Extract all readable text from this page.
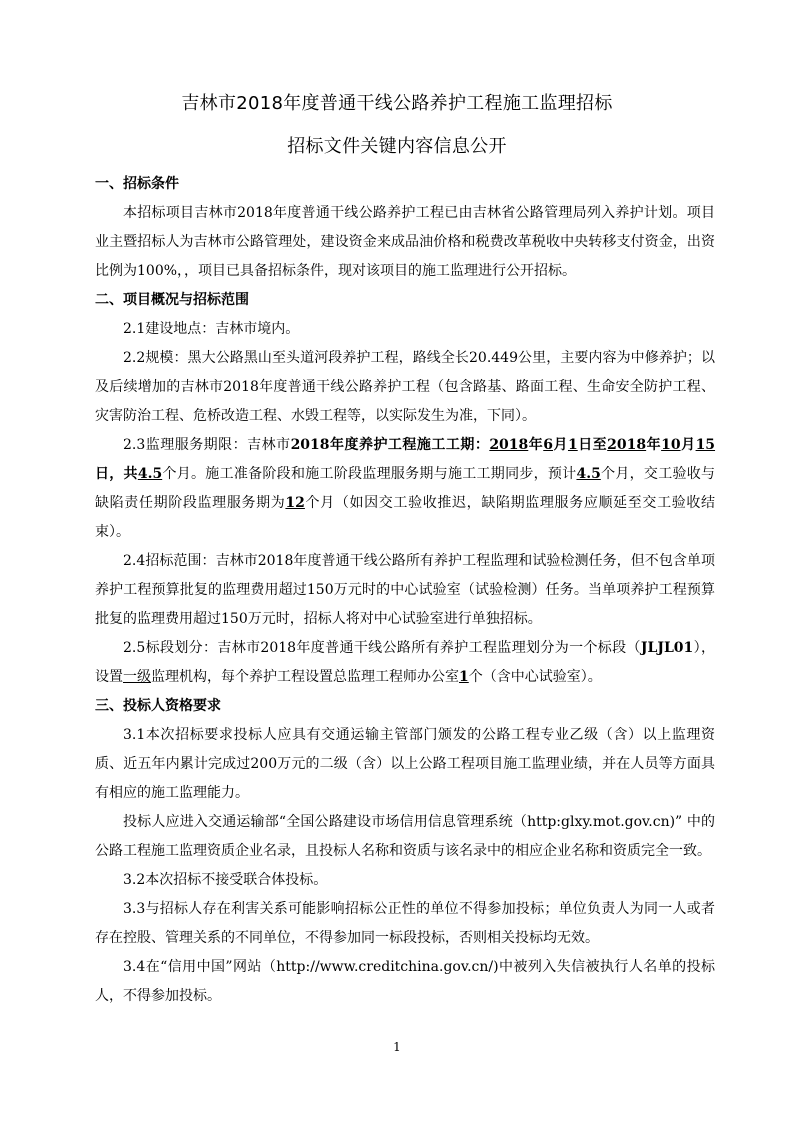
吉林市2018年度普通干线公路养护工程施工监理招标
招标文件关键内容信息公开

一、招标条件

本招标项目吉林市2018年度普通干线公路养护工程已由吉林省公路管理局列入养护计划。项目业主暨招标人为吉林市公路管理处，建设资金来成品油价格和税费改革税收中央转移支付资金，出资比例为100%，，项目已具备招标条件，现对该项目的施工监理进行公开招标。

二、项目概况与招标范围

2.1建设地点：吉林市境内。

2.2规模：黑大公路黑山至头道河段养护工程，路线全长20.449公里，主要内容为中修养护；以及后续增加的吉林市2018年度普通干线公路养护工程（包含路基、路面工程、生命安全防护工程、灾害防治工程、危桥改造工程、水毁工程等，以实际发生为准，下同）。

2.3监理服务期限：吉林市2018年度养护工程施工工期：2018年6月1日至2018年10月15日，共4.5个月。施工准备阶段和施工阶段监理服务期与施工工期同步，预计4.5个月，交工验收与缺陷责任期阶段监理服务期为12个月（如因交工验收推迟，缺陷期监理服务应顺延至交工验收结束）。

2.4招标范围：吉林市2018年度普通干线公路所有养护工程监理和试验检测任务，但不包含单项养护工程预算批复的监理费用超过150万元时的中心试验室（试验检测）任务。当单项养护工程预算批复的监理费用超过150万元时，招标人将对中心试验室进行单独招标。

2.5标段划分：吉林市2018年度普通干线公路所有养护工程监理划分为一个标段（JLJL01），设置一级监理机构，每个养护工程设置总监理工程师办公室1个（含中心试验室）。

三、投标人资格要求

3.1本次招标要求投标人应具有交通运输主管部门颁发的公路工程专业乙级（含）以上监理资质、近五年内累计完成过200万元的二级（含）以上公路工程项目施工监理业绩，并在人员等方面具有相应的施工监理能力。

投标人应进入交通运输部“全国公路建设市场信用信息管理系统（http:glxy.mot.gov.cn)” 中的公路工程施工监理资质企业名录，且投标人名称和资质与该名录中的相应企业名称和资质完全一致。

3.2本次招标不接受联合体投标。

3.3与招标人存在利害关系可能影响招标公正性的单位不得参加投标；单位负责人为同一人或者存在控股、管理关系的不同单位，不得参加同一标段投标，否则相关投标均无效。

3.4在“信用中国”网站（http://www.creditchina.gov.cn/)中被列入失信被执行人名单的投标人，不得参加投标。

1
